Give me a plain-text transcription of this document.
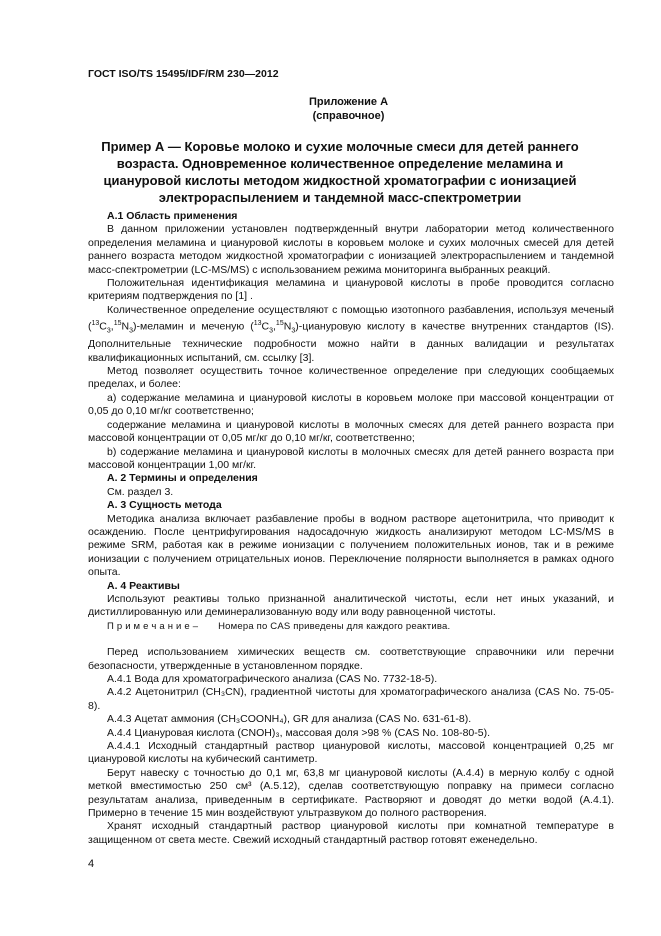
ГОСТ ISO/TS 15495/IDF/RM 230—2012
Приложение А
(справочное)
Пример А — Коровье молоко и сухие молочные смеси для детей раннего возраста. Одновременное количественное определение меламина и циануровой кислоты методом жидкостной хроматографии с ионизацией электрораспылением и тандемной масс-спектрометрии

А.1 Область применения

В данном приложении установлен подтвержденный внутри лаборатории метод количественного определения меламина и циануровой кислоты в коровьем молоке и сухих молочных смесей для детей раннего возраста методом жидкостной хроматографии с ионизацией электрораспылением и тандемной масс-спектрометрии (LC-MS/MS) с использованием режима мониторинга выбранных реакций.

Положительная идентификация меламина и циануровой кислоты в пробе проводится согласно критериям подтверждения по [1] .

Количественное определение осуществляют с помощью изотопного разбавления, используя меченый $(^{13}C_3,^{15}N_3)$-меламин и меченую $(^{13}C_3,^{15}N_3)$-циануровую кислоту в качестве внутренних стандартов (IS). Дополнительные технические подробности можно найти в данных валидации и результатах квалификационных испытаний, см. ссылку [3].

Метод позволяет осуществить точное количественное определение при следующих сообщаемых пределах, и более:

а) содержание меламина и циануровой кислоты в коровьем молоке при массовой концентрации от 0,05 до 0,10 мг/кг соответственно;

содержание меламина и циануровой кислоты в молочных смесях для детей раннего возраста при массовой концентрации от 0,05 мг/кг до 0,10 мг/кг, соответственно;

b) содержание меламина и циануровой кислоты в молочных смесях для детей раннего возраста при массовой концентрации 1,00 мг/кг.

А. 2 Термины и определения

См. раздел 3.

А. 3 Сущность метода

Методика анализа включает разбавление пробы в водном растворе ацетонитрила, что приводит к осаждению. После центрифугирования надосадочную жидкость анализируют методом LC-MS/MS в режиме SRM, работая как в режиме ионизации с получением положительных ионов, так и в режиме ионизации с получением отрицательных ионов. Переключение полярности выполняется в рамках одного опыта.

А. 4 Реактивы

Используют реактивы только признанной аналитической чистоты, если нет иных указаний, и дистиллированную или деминерализованную воду или воду равноценной чистоты.

П р и м е ч а н и е – Номера по CAS приведены для каждого реактива.

Перед использованием химических веществ см. соответствующие справочники или перечни безопасности, утвержденные в установленном порядке.

А.4.1 Вода для хроматографического анализа (CAS No. 7732-18-5).

А.4.2 Ацетонитрил (CH₃CN), градиентной чистоты для хроматографического анализа (CAS No. 75-05-8).

А.4.3 Ацетат аммония (CH₃COONH₄), GR для анализа (CAS No. 631-61-8).

А.4.4 Циануровая кислота (CNOH)₃, массовая доля >98 % (CAS No. 108-80-5).

А.4.4.1 Исходный стандартный раствор циануровой кислоты, массовой концентрацией 0,25 мг циануровой кислоты на кубический сантиметр.

Берут навеску с точностью до 0,1 мг, 63,8 мг циануровой кислоты (А.4.4) в мерную колбу с одной меткой вместимостью 250 см³ (А.5.12), сделав соответствующую поправку на примеси согласно результатам анализа, приведенным в сертификате. Растворяют и доводят до метки водой (А.4.1). Примерно в течение 15 мин воздействуют ультразвуком до полного растворения.

Хранят исходный стандартный раствор циануровой кислоты при комнатной температуре в защищенном от света месте. Свежий исходный стандартный раствор готовят еженедельно.

4
